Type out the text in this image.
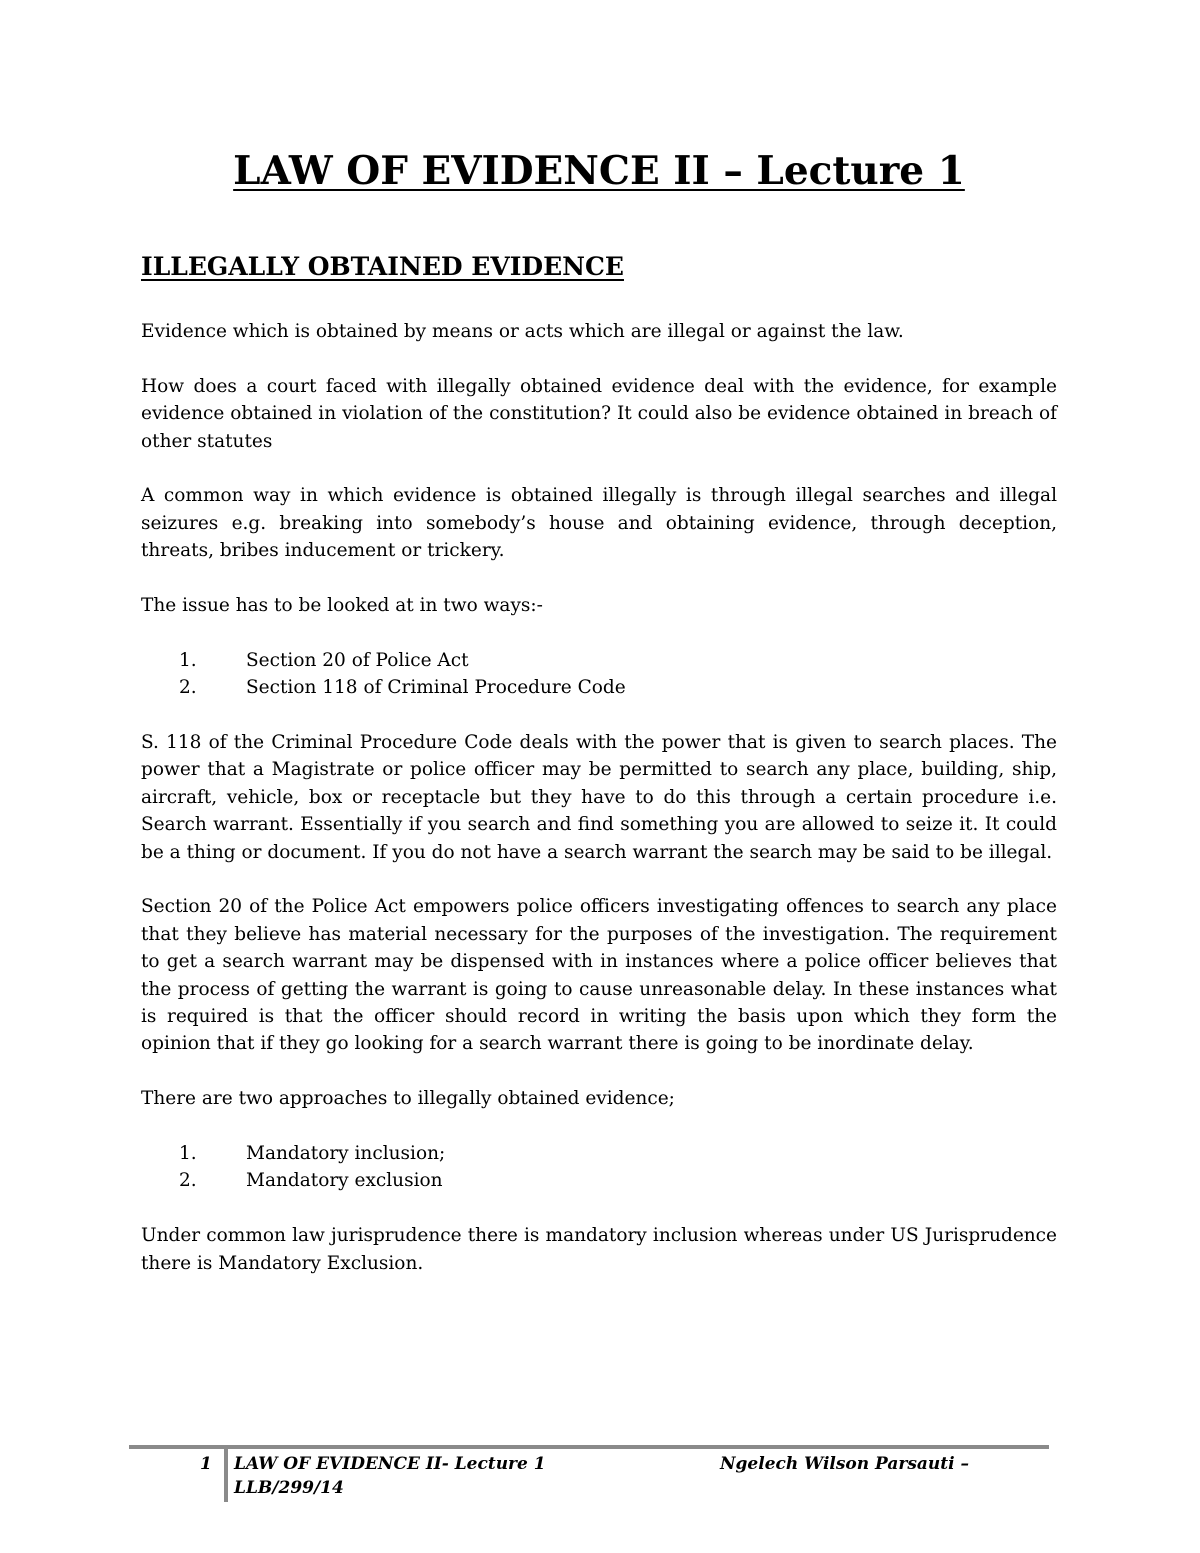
LAW OF EVIDENCE II – Lecture 1
ILLEGALLY OBTAINED EVIDENCE

Evidence which is obtained by means or acts which are illegal or against the law.

How does a court faced with illegally obtained evidence deal with the evidence, for example evidence obtained in violation of the constitution? It could also be evidence obtained in breach of other statutes

A common way in which evidence is obtained illegally is through illegal searches and illegal seizures e.g. breaking into somebody’s house and obtaining evidence, through deception, threats, bribes inducement or trickery.

The issue has to be looked at in two ways:-

1.	Section 20 of Police Act
2.	Section 118 of Criminal Procedure Code

S. 118 of the Criminal Procedure Code deals with the power that is given to search places. The power that a Magistrate or police officer may be permitted to search any place, building, ship, aircraft, vehicle, box or receptacle but they have to do this through a certain procedure i.e. Search warrant. Essentially if you search and find something you are allowed to seize it. It could be a thing or document. If you do not have a search warrant the search may be said to be illegal.

Section 20 of the Police Act empowers police officers investigating offences to search any place that they believe has material necessary for the purposes of the investigation. The requirement to get a search warrant may be dispensed with in instances where a police officer believes that the process of getting the warrant is going to cause unreasonable delay. In these instances what is required is that the officer should record in writing the basis upon which they form the opinion that if they go looking for a search warrant there is going to be inordinate delay.

There are two approaches to illegally obtained evidence;

1.	Mandatory inclusion;
2.	Mandatory exclusion

Under common law jurisprudence there is mandatory inclusion whereas under US Jurisprudence there is Mandatory Exclusion.

1 LAW OF EVIDENCE II- Lecture 1	Ngelech Wilson Parsauti –
LLB/299/14
